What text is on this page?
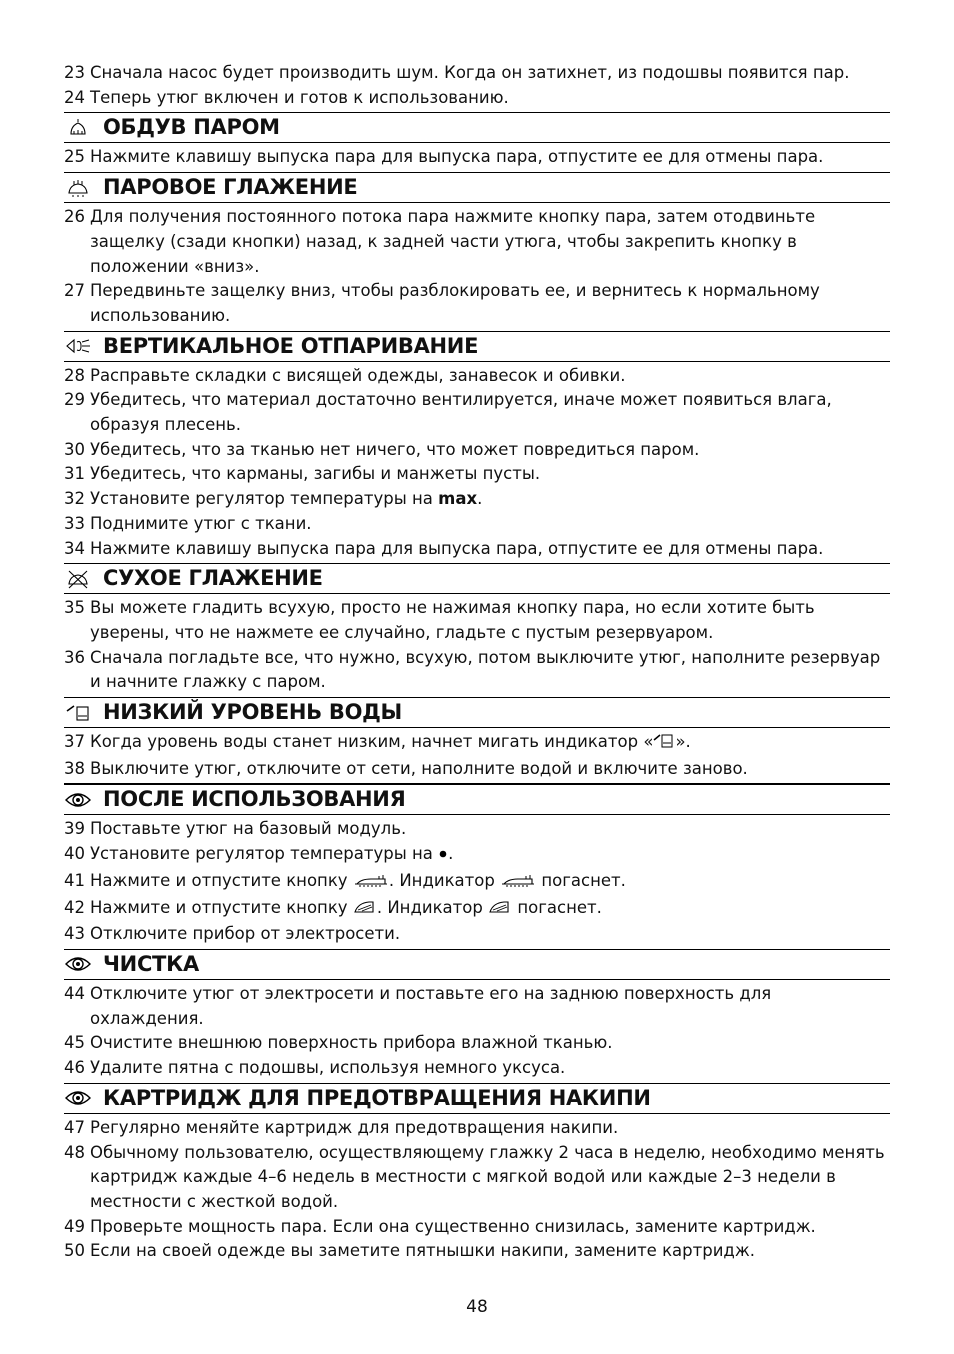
23 Сначала насос будет производить шум. Когда он затихнет, из подошвы появится пар.
24 Теперь утюг включен и готов к использованию.
ОБДУВ ПАРОМ
25 Нажмите клавишу выпуска пара для выпуска пара, отпустите ее для отмены пара.
ПАРОВОЕ ГЛАЖЕНИЕ
26 Для получения постоянного потока пара нажмите кнопку пара, затем отодвиньте защелку (сзади кнопки) назад, к задней части утюга, чтобы закрепить кнопку в положении «вниз».
27 Передвиньте защелку вниз, чтобы разблокировать ее, и вернитесь к нормальному использованию.
ВЕРТИКАЛЬНОЕ ОТПАРИВАНИЕ
28 Расправьте складки с висящей одежды, занавесок и обивки.
29 Убедитесь, что материал достаточно вентилируется, иначе может появиться влага, образуя плесень.
30 Убедитесь, что за тканью нет ничего, что может повредиться паром.
31 Убедитесь, что карманы, загибы и манжеты пусты.
32 Установите регулятор температуры на max.
33 Поднимите утюг с ткани.
34 Нажмите клавишу выпуска пара для выпуска пара, отпустите ее для отмены пара.
СУХОЕ ГЛАЖЕНИЕ
35 Вы можете гладить всухую, просто не нажимая кнопку пара, но если хотите быть уверены, что не нажмете ее случайно, гладьте с пустым резервуаром.
36 Сначала погладьте все, что нужно, всухую, потом выключите утюг, наполните резервуар и начните глажку с паром.
НИЗКИЙ УРОВЕНЬ ВОДЫ
37 Когда уровень воды станет низким, начнет мигать индикатор « ».
38 Выключите утюг, отключите от сети, наполните водой и включите заново.
ПОСЛЕ ИСПОЛЬЗОВАНИЯ
39 Поставьте утюг на базовый модуль.
40 Установите регулятор температуры на .
41 Нажмите и отпустите кнопку . Индикатор  погаснет.
42 Нажмите и отпустите кнопку . Индикатор  погаснет.
43 Отключите прибор от электросети.
ЧИСТКА
44 Отключите утюг от электросети и поставьте его на заднюю поверхность для охлаждения.
45 Очистите внешнюю поверхность прибора влажной тканью.
46 Удалите пятна с подошвы, используя немного уксуса.
КАРТРИДЖ ДЛЯ ПРЕДОТВРАЩЕНИЯ НАКИПИ
47 Регулярно меняйте картридж для предотвращения накипи.
48 Обычному пользователю, осуществляющему глажку 2 часа в неделю, необходимо менять картридж каждые 4–6 недель в местности с мягкой водой или каждые 2–3 недели в местности с жесткой водой.
49 Проверьте мощность пара. Если она существенно снизилась, замените картридж.
50 Если на своей одежде вы заметите пятнышки накипи, замените картридж.
48
